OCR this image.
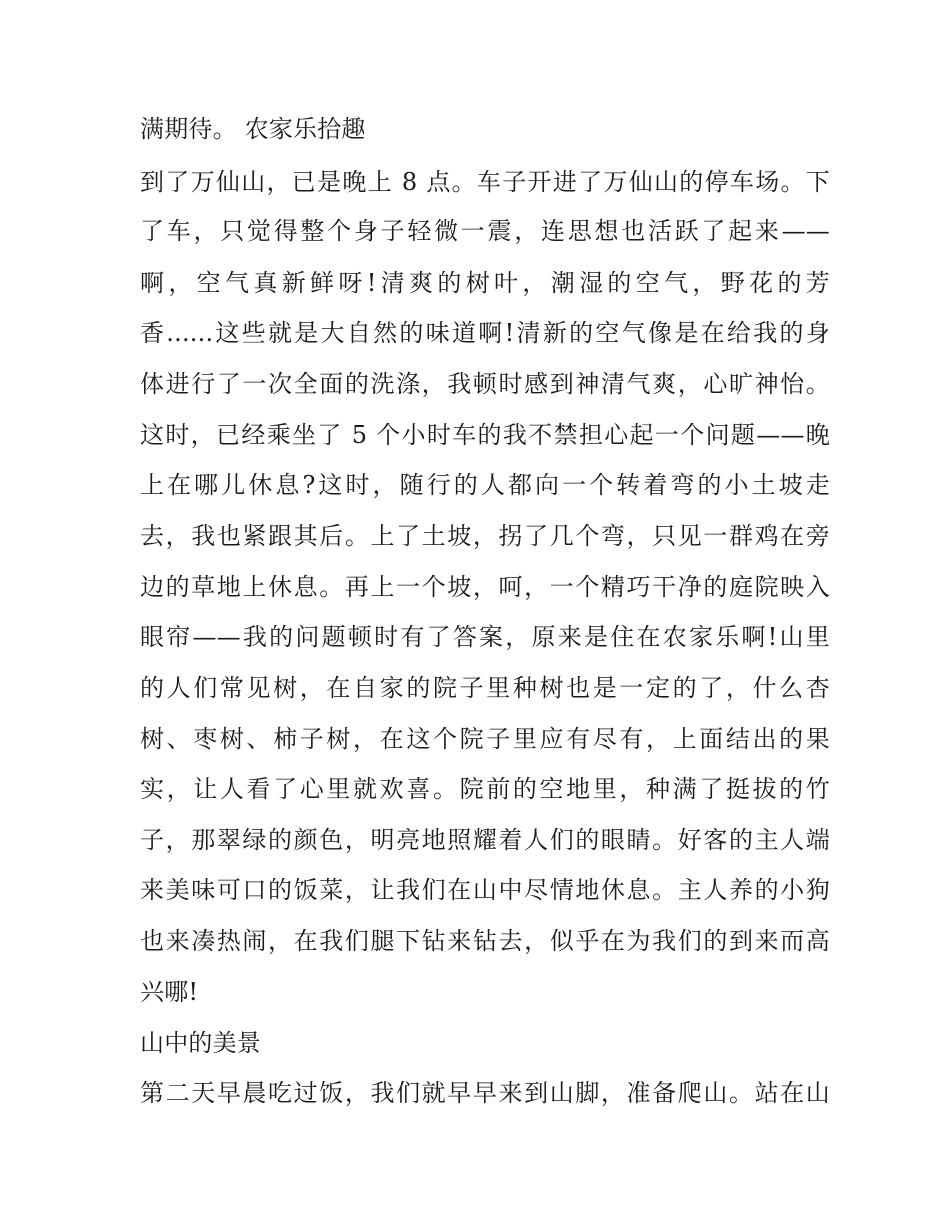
满期待。 农家乐拾趣
到了万仙山，已是晚上 8 点。车子开进了万仙山的停车场。下
了车，只觉得整个身子轻微一震，连思想也活跃了起来——
啊，空气真新鲜呀!清爽的树叶，潮湿的空气，野花的芳
香......这些就是大自然的味道啊!清新的空气像是在给我的身
体进行了一次全面的洗涤，我顿时感到神清气爽，心旷神怡。
这时，已经乘坐了 5 个小时车的我不禁担心起一个问题——晚
上在哪儿休息?这时，随行的人都向一个转着弯的小土坡走
去，我也紧跟其后。上了土坡，拐了几个弯，只见一群鸡在旁
边的草地上休息。再上一个坡，呵，一个精巧干净的庭院映入
眼帘——我的问题顿时有了答案，原来是住在农家乐啊!山里
的人们常见树，在自家的院子里种树也是一定的了，什么杏
树、枣树、柿子树，在这个院子里应有尽有，上面结出的果
实，让人看了心里就欢喜。院前的空地里，种满了挺拔的竹
子，那翠绿的颜色，明亮地照耀着人们的眼睛。好客的主人端
来美味可口的饭菜，让我们在山中尽情地休息。主人养的小狗
也来凑热闹，在我们腿下钻来钻去，似乎在为我们的到来而高
兴哪!
山中的美景
第二天早晨吃过饭，我们就早早来到山脚，准备爬山。站在山
